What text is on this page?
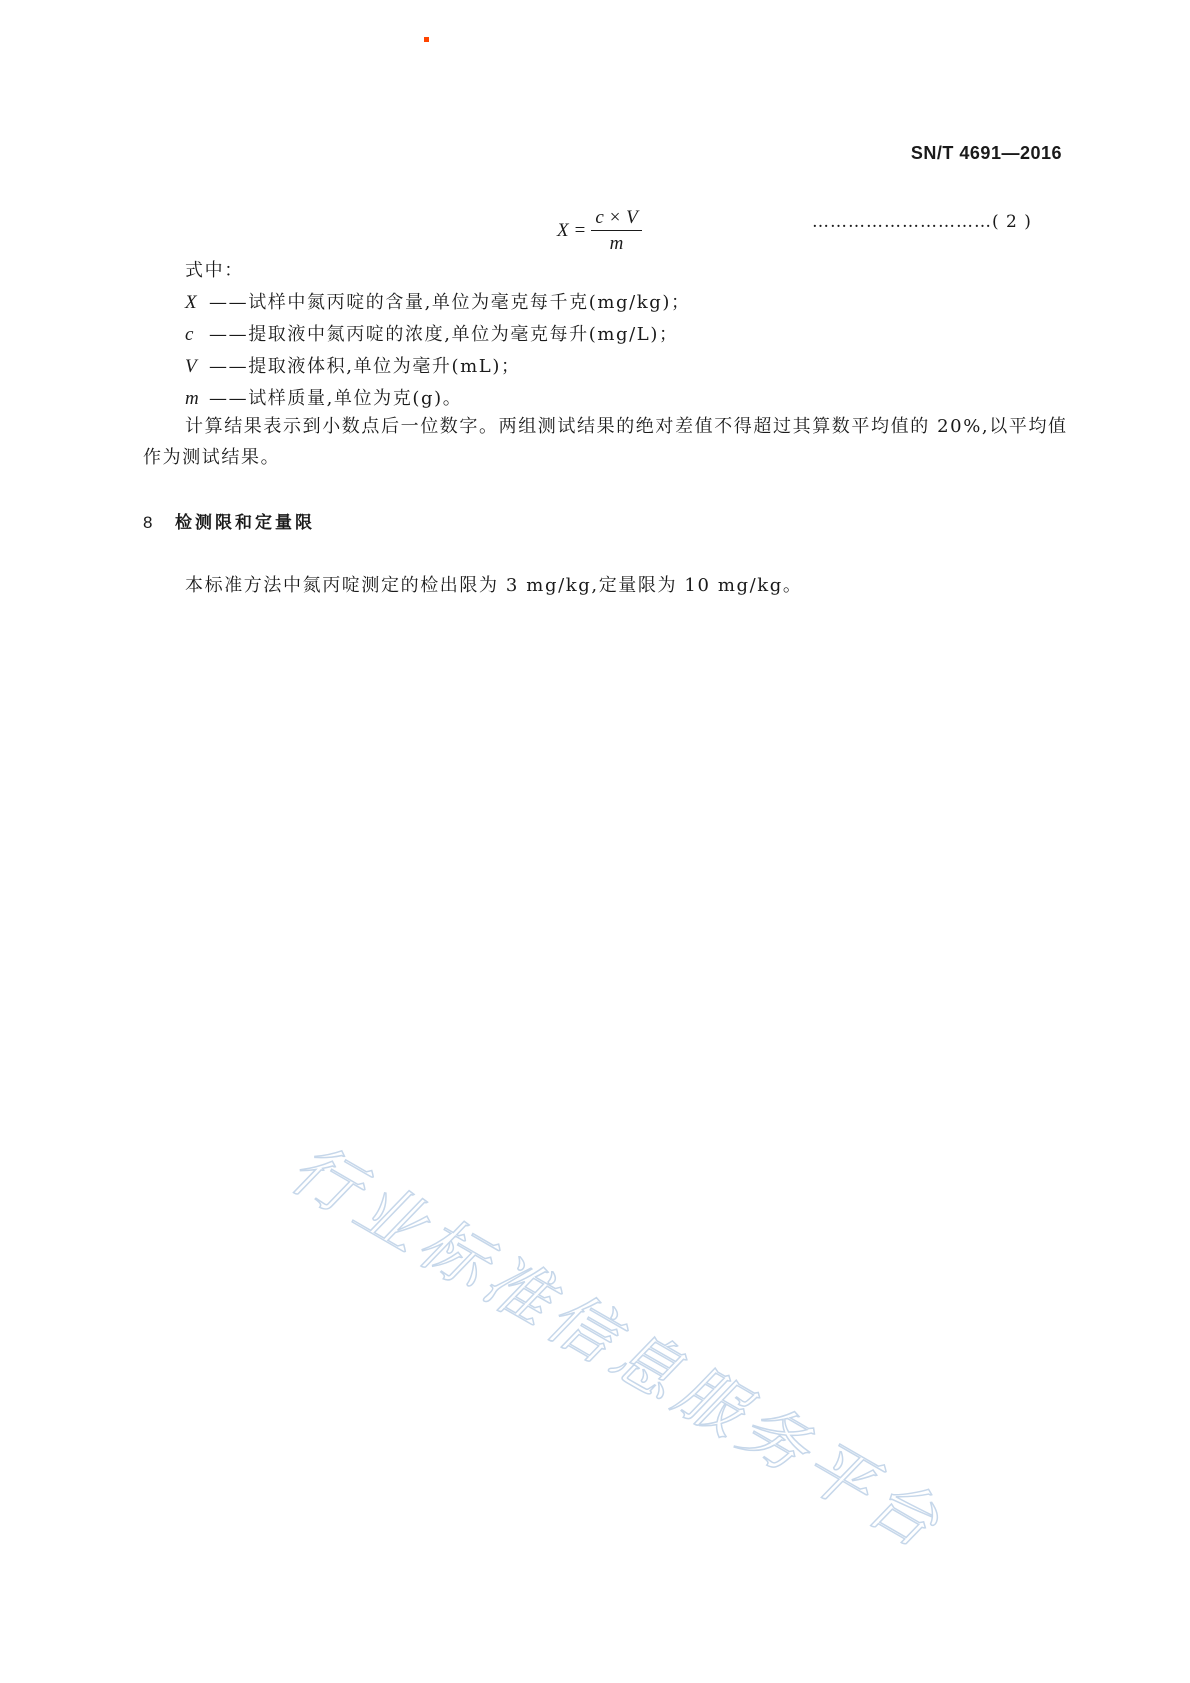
SN/T 4691—2016
$X = \frac{c \times V}{m}$	…………………………( 2 )
式中：
X ——试样中氮丙啶的含量,单位为毫克每千克(mg/kg)；
c ——提取液中氮丙啶的浓度,单位为毫克每升(mg/L)；
V ——提取液体积,单位为毫升(mL)；
m ——试样质量,单位为克(g)。
计算结果表示到小数点后一位数字。两组测试结果的绝对差值不得超过其算数平均值的 20%,以平均值作为测试结果。
8 检测限和定量限
本标准方法中氮丙啶测定的检出限为 3 mg/kg,定量限为 10 mg/kg。
行业标准信息服务平台
